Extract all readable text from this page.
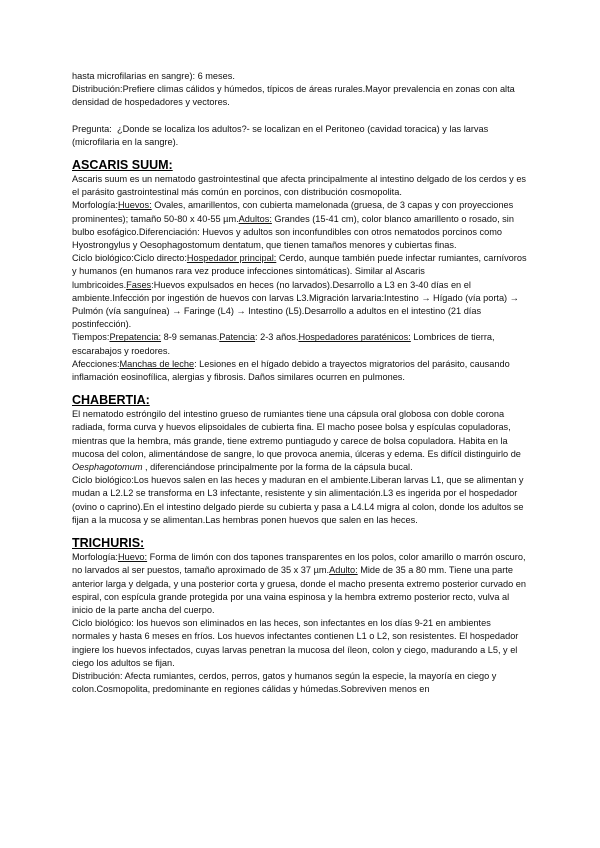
hasta microfilarias en sangre): 6 meses.

Distribución:Prefiere climas cálidos y húmedos, típicos de áreas rurales.Mayor prevalencia en zonas con alta densidad de hospedadores y vectores.

Pregunta: ¿Donde se localiza los adultos?- se localizan en el Peritoneo (cavidad toracica) y las larvas (microfilaria en la sangre).

ASCARIS SUUM:

Ascaris suum es un nematodo gastrointestinal que afecta principalmente al intestino delgado de los cerdos y es el parásito gastrointestinal más común en porcinos, con distribución cosmopolita.

Morfología:Huevos: Ovales, amarillentos, con cubierta mamelonada (gruesa, de 3 capas y con proyecciones prominentes); tamaño 50-80 x 40-55 µm.Adultos: Grandes (15-41 cm), color blanco amarillento o rosado, sin bulbo esofágico.Diferenciación: Huevos y adultos son inconfundibles con otros nematodos porcinos como Hyostrongylus y Oesophagostomum dentatum, que tienen tamaños menores y cubiertas finas.

Ciclo biológico:Ciclo directo:Hospedador principal: Cerdo, aunque también puede infectar rumiantes, carnívoros y humanos (en humanos rara vez produce infecciones sintomáticas). Similar al Ascaris lumbricoides.Fases:Huevos expulsados en heces (no larvados).Desarrollo a L3 en 3-40 días en el ambiente.Infección por ingestión de huevos con larvas L3.Migración larvaria:Intestino → Hígado (vía porta) → Pulmón (vía sanguínea) → Faringe (L4) → Intestino (L5).Desarrollo a adultos en el intestino (21 días postinfección).

Tiempos:Prepatencia: 8-9 semanas.Patencia: 2-3 años.Hospedadores paraténicos: Lombrices de tierra, escarabajos y roedores.

Afecciones:Manchas de leche: Lesiones en el hígado debido a trayectos migratorios del parásito, causando inflamación eosinofílica, alergias y fibrosis. Daños similares ocurren en pulmones.

CHABERTIA:

El nematodo estróngilo del intestino grueso de rumiantes tiene una cápsula oral globosa con doble corona radiada, forma curva y huevos elipsoidales de cubierta fina. El macho posee bolsa y espículas copuladoras, mientras que la hembra, más grande, tiene extremo puntiagudo y carece de bolsa copuladora. Habita en la mucosa del colon, alimentándose de sangre, lo que provoca anemia, úlceras y edema. Es difícil distinguirlo de Oesphagotomum , diferenciándose principalmente por la forma de la cápsula bucal.

Ciclo biológico:Los huevos salen en las heces y maduran en el ambiente.Liberan larvas L1, que se alimentan y mudan a L2.L2 se transforma en L3 infectante, resistente y sin alimentación.L3 es ingerida por el hospedador (ovino o caprino).En el intestino delgado pierde su cubierta y pasa a L4.L4 migra al colon, donde los adultos se fijan a la mucosa y se alimentan.Las hembras ponen huevos que salen en las heces.

TRICHURIS:

Morfología:Huevo: Forma de limón con dos tapones transparentes en los polos, color amarillo o marrón oscuro, no larvados al ser puestos, tamaño aproximado de 35 x 37 µm.Adulto: Mide de 35 a 80 mm. Tiene una parte anterior larga y delgada, y una posterior corta y gruesa, donde el macho presenta extremo posterior curvado en espiral, con espícula grande protegida por una vaina espinosa y la hembra extremo posterior recto, vulva al inicio de la parte ancha del cuerpo.

Ciclo biológico: los huevos son eliminados en las heces, son infectantes en los días 9-21 en ambientes normales y hasta 6 meses en fríos. Los huevos infectantes contienen L1 o L2, son resistentes. El hospedador ingiere los huevos infectados, cuyas larvas penetran la mucosa del íleon, colon y ciego, madurando a L5, y el ciego los adultos se fijan.

Distribución: Afecta rumiantes, cerdos, perros, gatos y humanos según la especie, la mayoría en ciego y colon.Cosmopolita, predominante en regiones cálidas y húmedas.Sobreviven menos en
